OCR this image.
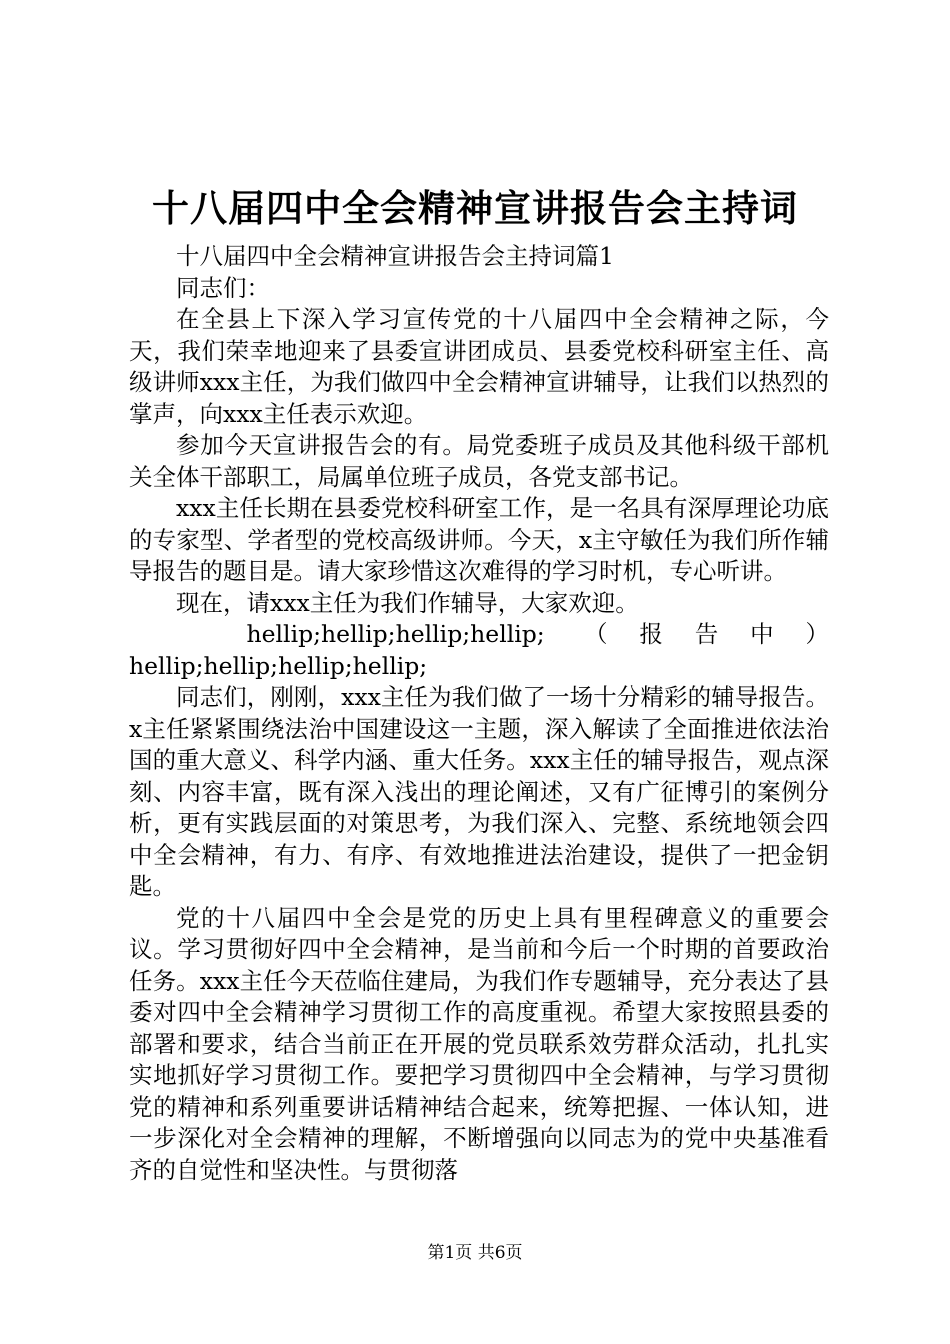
十八届四中全会精神宣讲报告会主持词

十八届四中全会精神宣讲报告会主持词篇1

同志们：

在全县上下深入学习宣传党的十八届四中全会精神之际，今天，我们荣幸地迎来了县委宣讲团成员、县委党校科研室主任、高级讲师xxx主任，为我们做四中全会精神宣讲辅导，让我们以热烈的掌声，向xxx主任表示欢迎。

参加今天宣讲报告会的有。局党委班子成员及其他科级干部机关全体干部职工，局属单位班子成员，各党支部书记。

xxx主任长期在县委党校科研室工作，是一名具有深厚理论功底的专家型、学者型的党校高级讲师。今天，x主守敏任为我们所作辅导报告的题目是。请大家珍惜这次难得的学习时机，专心听讲。

现在，请xxx主任为我们作辅导，大家欢迎。

hellip;hellip;hellip;hellip; （报告中） hellip;hellip;hellip;hellip;

同志们，刚刚，xxx主任为我们做了一场十分精彩的辅导报告。x主任紧紧围绕法治中国建设这一主题，深入解读了全面推进依法治国的重大意义、科学内涵、重大任务。xxx主任的辅导报告，观点深刻、内容丰富，既有深入浅出的理论阐述，又有广征博引的案例分析，更有实践层面的对策思考，为我们深入、完整、系统地领会四中全会精神，有力、有序、有效地推进法治建设，提供了一把金钥匙。

党的十八届四中全会是党的历史上具有里程碑意义的重要会议。学习贯彻好四中全会精神，是当前和今后一个时期的首要政治任务。xxx主任今天莅临住建局，为我们作专题辅导，充分表达了县委对四中全会精神学习贯彻工作的高度重视。希望大家按照县委的部署和要求，结合当前正在开展的党员联系效劳群众活动，扎扎实实地抓好学习贯彻工作。要把学习贯彻四中全会精神，与学习贯彻党的精神和系列重要讲话精神结合起来，统筹把握、一体认知，进一步深化对全会精神的理解，不断增强向以同志为的党中央基准看齐的自觉性和坚决性。与贯彻落

第1页 共6页
